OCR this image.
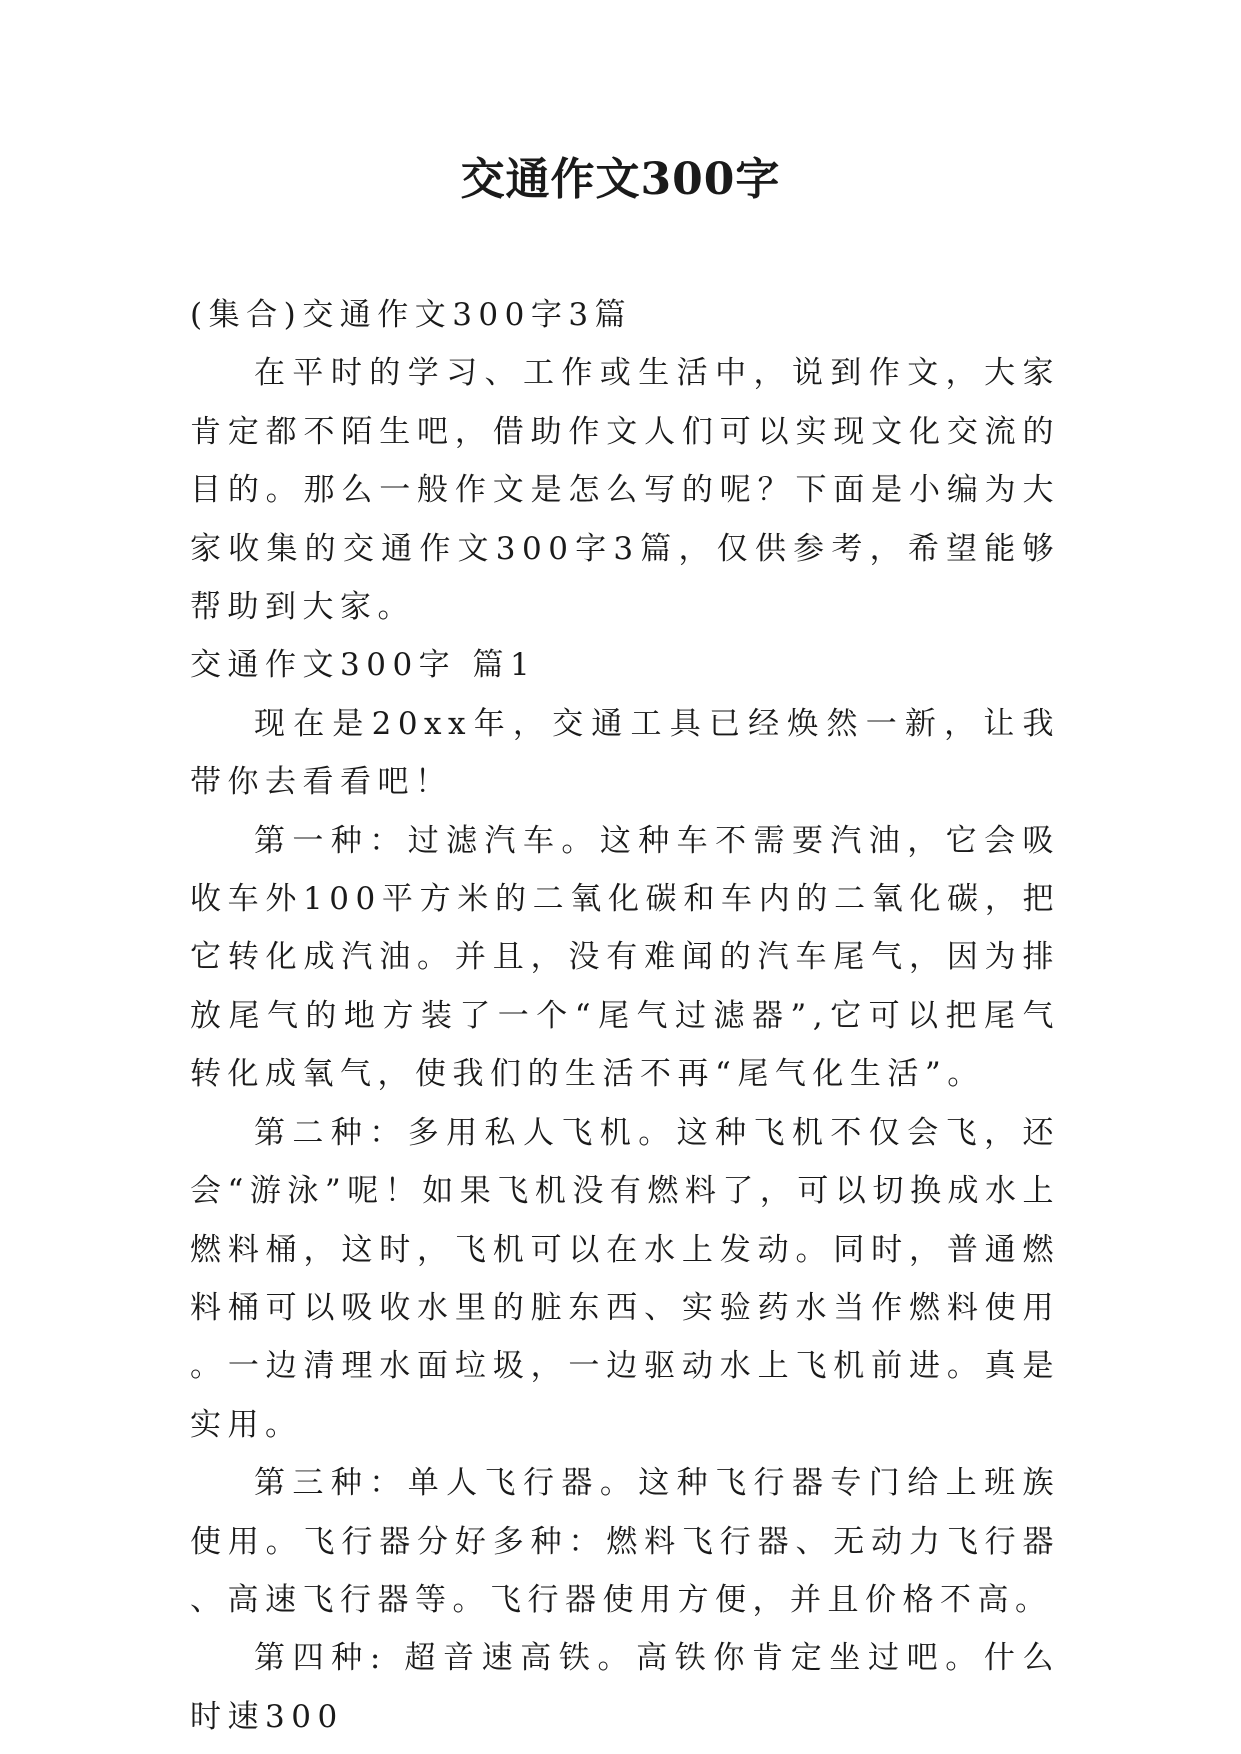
交通作文300字

(集合)交通作文300字3篇

在平时的学习、工作或生活中，说到作文，大家肯定都不陌生吧，借助作文人们可以实现文化交流的目的。那么一般作文是怎么写的呢？下面是小编为大家收集的交通作文300字3篇，仅供参考，希望能够帮助到大家。

交通作文300字 篇1

现在是20xx年，交通工具已经焕然一新，让我带你去看看吧！

第一种：过滤汽车。这种车不需要汽油，它会吸收车外100平方米的二氧化碳和车内的二氧化碳，把它转化成汽油。并且，没有难闻的汽车尾气，因为排放尾气的地方装了一个“尾气过滤器”,它可以把尾气转化成氧气，使我们的生活不再“尾气化生活”。

第二种：多用私人飞机。这种飞机不仅会飞，还会“游泳”呢！如果飞机没有燃料了，可以切换成水上燃料桶，这时，飞机可以在水上发动。同时，普通燃料桶可以吸收水里的脏东西、实验药水当作燃料使用。一边清理水面垃圾，一边驱动水上飞机前进。真是实用。

第三种：单人飞行器。这种飞行器专门给上班族使用。飞行器分好多种：燃料飞行器、无动力飞行器、高速飞行器等。飞行器使用方便，并且价格不高。

第四种: 超音速高铁。高铁你肯定坐过吧。什么时速300
